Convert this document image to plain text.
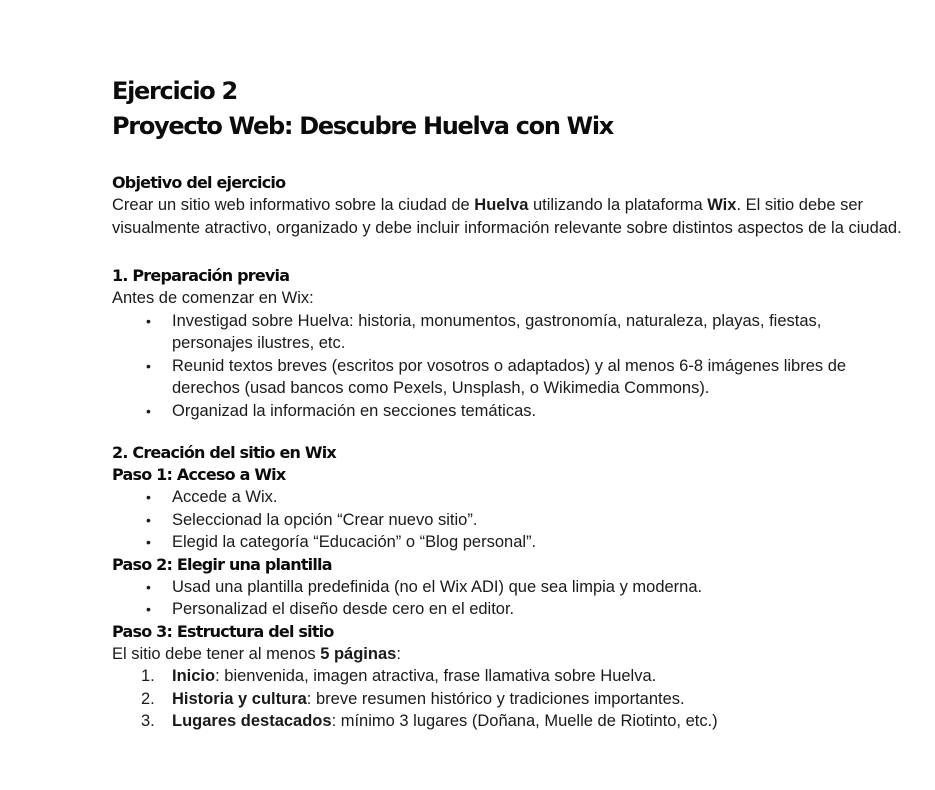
Ejercicio 2
Proyecto Web: Descubre Huelva con Wix
Objetivo del ejercicio

Crear un sitio web informativo sobre la ciudad de Huelva utilizando la plataforma Wix. El sitio debe ser visualmente atractivo, organizado y debe incluir información relevante sobre distintos aspectos de la ciudad.

1. Preparación previa

Antes de comenzar en Wix:

•	Investigad sobre Huelva: historia, monumentos, gastronomía, naturaleza, playas, fiestas, personajes ilustres, etc.
•	Reunid textos breves (escritos por vosotros o adaptados) y al menos 6-8 imágenes libres de derechos (usad bancos como Pexels, Unsplash, o Wikimedia Commons).
•	Organizad la información en secciones temáticas.
2. Creación del sitio en Wix
Paso 1: Acceso a Wix
•	Accede a Wix.
•	Seleccionad la opción “Crear nuevo sitio”.
•	Elegid la categoría “Educación” o “Blog personal”.
Paso 2: Elegir una plantilla
•	Usad una plantilla predefinida (no el Wix ADI) que sea limpia y moderna.
•	Personalizad el diseño desde cero en el editor.
Paso 3: Estructura del sitio

El sitio debe tener al menos 5 páginas:

1.	Inicio: bienvenida, imagen atractiva, frase llamativa sobre Huelva.
2.	Historia y cultura: breve resumen histórico y tradiciones importantes.
3.	Lugares destacados: mínimo 3 lugares (Doñana, Muelle de Riotinto, etc.)
